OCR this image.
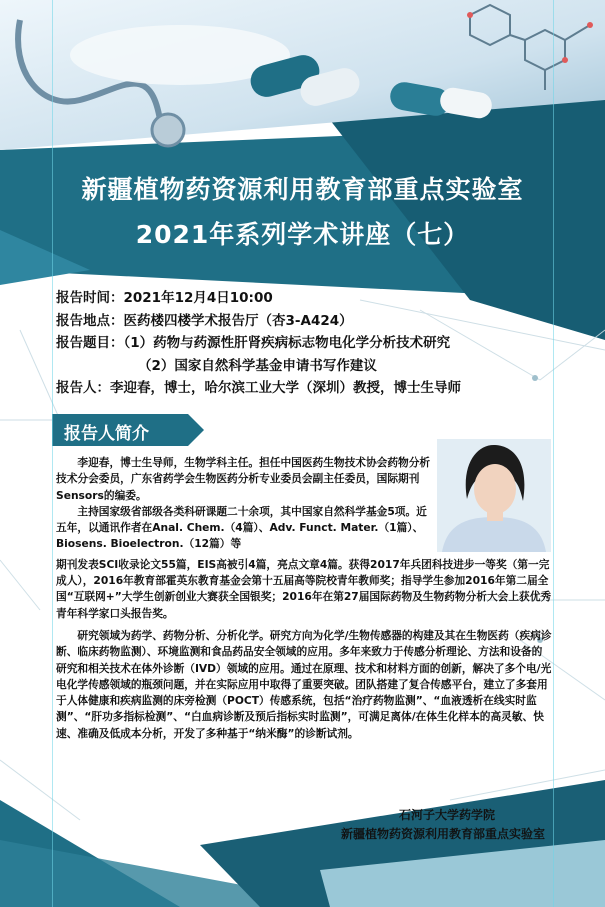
新疆植物药资源利用教育部重点实验室
2021年系列学术讲座（七）
报告时间：2021年12月4日10:00
报告地点：医药楼四楼学术报告厅（杏3-A424）
报告题目：（1）药物与药源性肝肾疾病标志物电化学分析技术研究
（2）国家自然科学基金申请书写作建议
报告人：李迎春，博士，哈尔滨工业大学（深圳）教授，博士生导师
报告人简介

李迎春，博士生导师，生物学科主任。担任中国医药生物技术协会药物分析技术分会委员，广东省药学会生物医药分析专业委员会副主任委员，国际期刊Sensors的编委。

主持国家级省部级各类科研课题二十余项，其中国家自然科学基金5项。近五年，以通讯作者在Anal. Chem.（4篇）、Adv. Funct. Mater.（1篇）、Biosens. Bioelectron.（12篇）等

期刊发表SCI收录论文55篇，EIS高被引4篇，亮点文章4篇。获得2017年兵团科技进步一等奖（第一完成人），2016年教育部霍英东教育基金会第十五届高等院校青年教师奖；指导学生参加2016年第二届全国“互联网+”大学生创新创业大赛获全国银奖；2016年在第27届国际药物及生物药物分析大会上获优秀青年科学家口头报告奖。

研究领域为药学、药物分析、分析化学。研究方向为化学/生物传感器的构建及其在生物医药（疾病诊断、临床药物监测）、环境监测和食品药品安全领域的应用。多年来致力于传感分析理论、方法和设备的研究和相关技术在体外诊断（IVD）领域的应用。通过在原理、技术和材料方面的创新，解决了多个电/光电化学传感领域的瓶颈问题，并在实际应用中取得了重要突破。团队搭建了复合传感平台，建立了多套用于人体健康和疾病监测的床旁检测（POCT）传感系统，包括“治疗药物监测”、“血液透析在线实时监测”、“肝功多指标检测”、“白血病诊断及预后指标实时监测”，可满足离体/在体生化样本的高灵敏、快速、准确及低成本分析，开发了多种基于“纳米酶”的诊断试剂。

石河子大学药学院
新疆植物药资源利用教育部重点实验室
